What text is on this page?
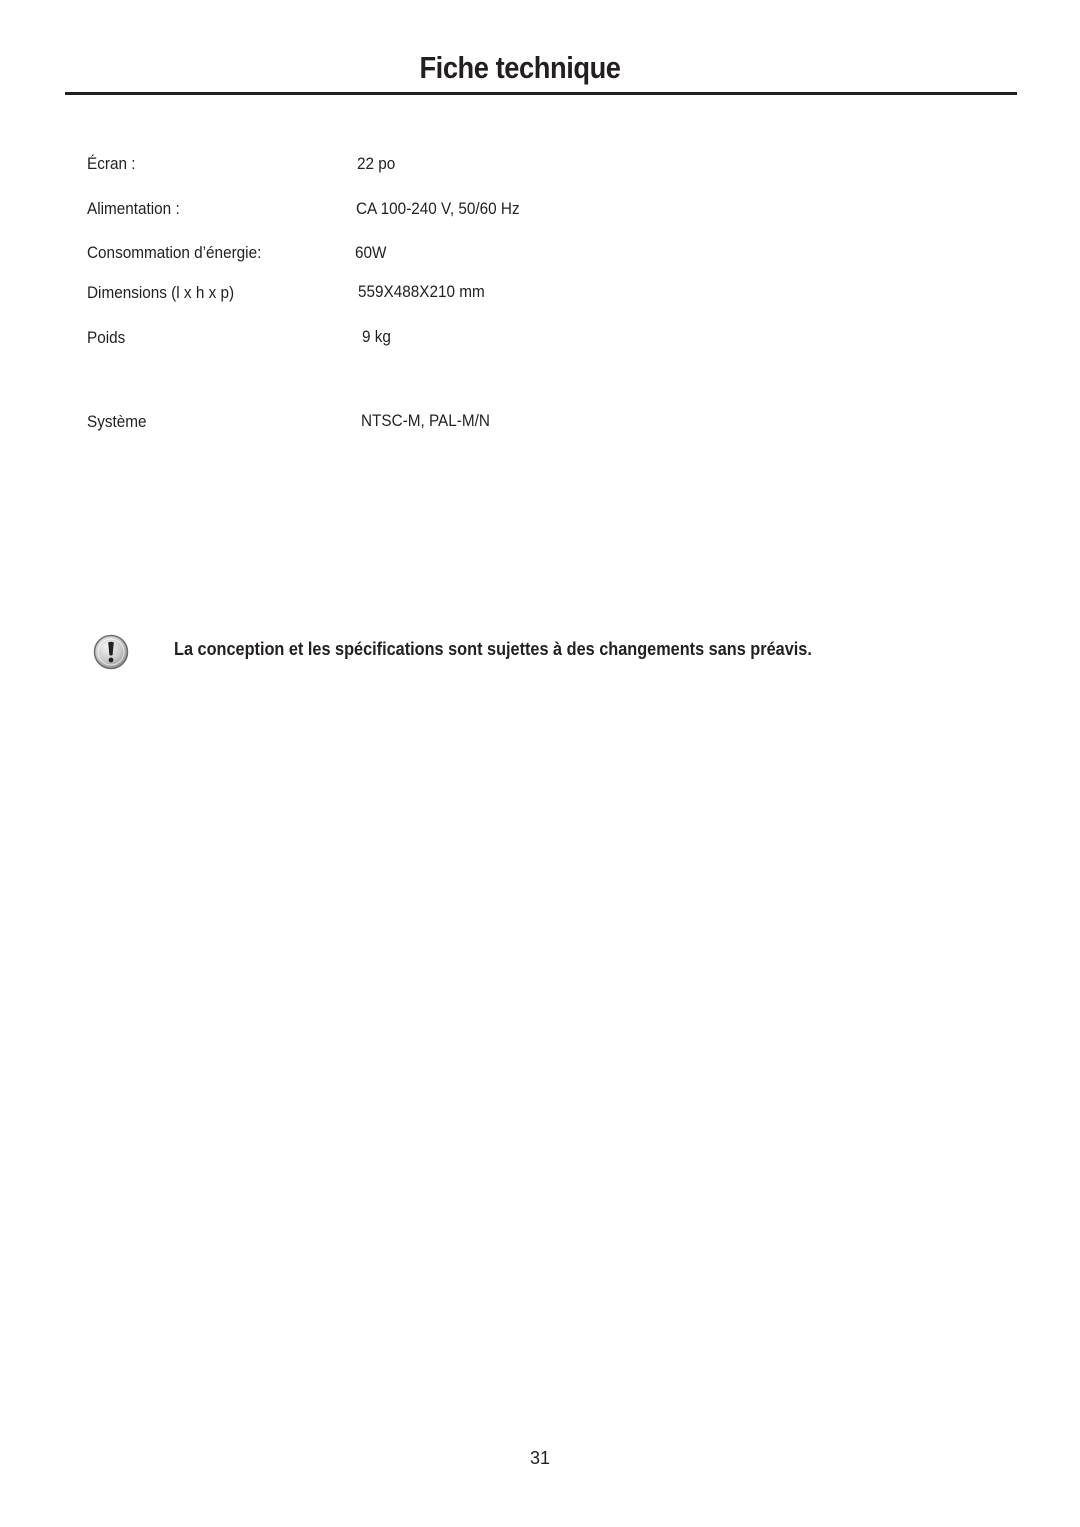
Fiche technique
Écran :	22 po
Alimentation :	CA 100-240 V, 50/60 Hz
Consommation d’énergie:	60W
Dimensions (l x h x p)	559X488X210 mm
Poids	9 kg
Système	NTSC-M, PAL-M/N
La conception et les spécifications sont sujettes à des changements sans préavis.
31
